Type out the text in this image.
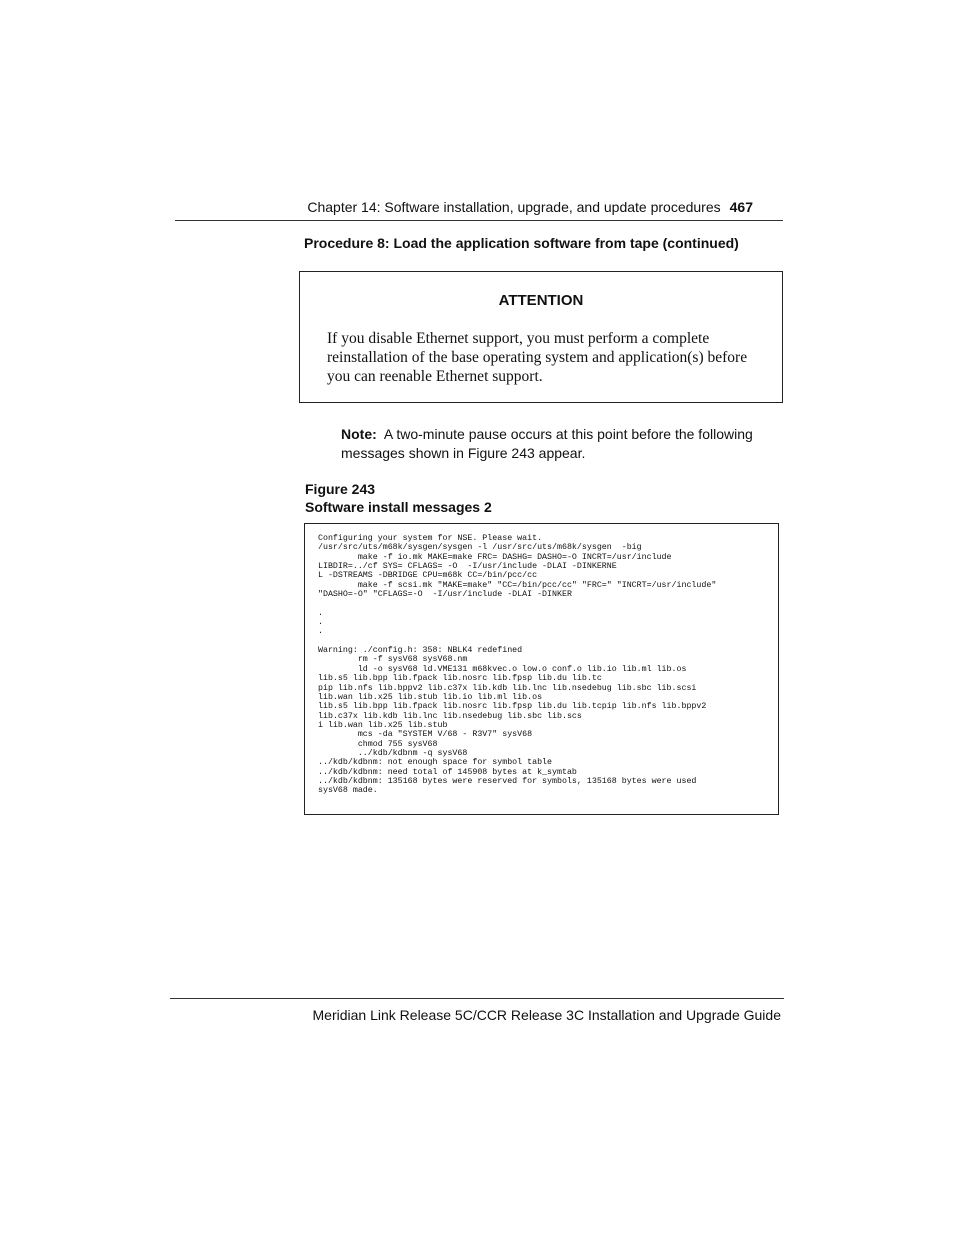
Chapter 14: Software installation, upgrade, and update procedures 467
Procedure 8: Load the application software from tape (continued)
ATTENTION
If you disable Ethernet support, you must perform a complete reinstallation of the base operating system and application(s) before you can reenable Ethernet support.
Note: A two-minute pause occurs at this point before the following messages shown in Figure 243 appear.
Figure 243
Software install messages 2
Configuring your system for NSE. Please wait.
/usr/src/uts/m68k/sysgen/sysgen -l /usr/src/uts/m68k/sysgen  -big
make -f io.mk MAKE=make FRC= DASHG= DASHO=-O INCRT=/usr/include
LIBDIR=../cf SYS= CFLAGS= -O  -I/usr/include -DLAI -DINKERNE
L -DSTREAMS -DBRIDGE CPU=m68k CC=/bin/pcc/cc
make -f scsi.mk "MAKE=make" "CC=/bin/pcc/cc" "FRC=" "INCRT=/usr/include"
"DASHO=-O" "CFLAGS=-O  -I/usr/include -DLAI -DINKER

.
.
.

Warning: ./config.h: 358: NBLK4 redefined
rm -f sysV68 sysV68.nm
ld -o sysV68 ld.VME131 m68kvec.o low.o conf.o lib.io lib.ml lib.os
lib.s5 lib.bpp lib.fpack lib.nosrc lib.fpsp lib.du lib.tc
pip lib.nfs lib.bppv2 lib.c37x lib.kdb lib.lnc lib.nsedebug lib.sbc lib.scsi
lib.wan lib.x25 lib.stub lib.io lib.ml lib.os
lib.s5 lib.bpp lib.fpack lib.nosrc lib.fpsp lib.du lib.tcpip lib.nfs lib.bppv2
lib.c37x lib.kdb lib.lnc lib.nsedebug lib.sbc lib.scs
i lib.wan lib.x25 lib.stub
mcs -da "SYSTEM V/68 - R3V7" sysV68
chmod 755 sysV68
../kdb/kdbnm -q sysV68
../kdb/kdbnm: not enough space for symbol table
../kdb/kdbnm: need total of 145908 bytes at k_symtab
../kdb/kdbnm: 135168 bytes were reserved for symbols, 135168 bytes were used
sysV68 made.
Meridian Link Release 5C/CCR Release 3C Installation and Upgrade Guide
